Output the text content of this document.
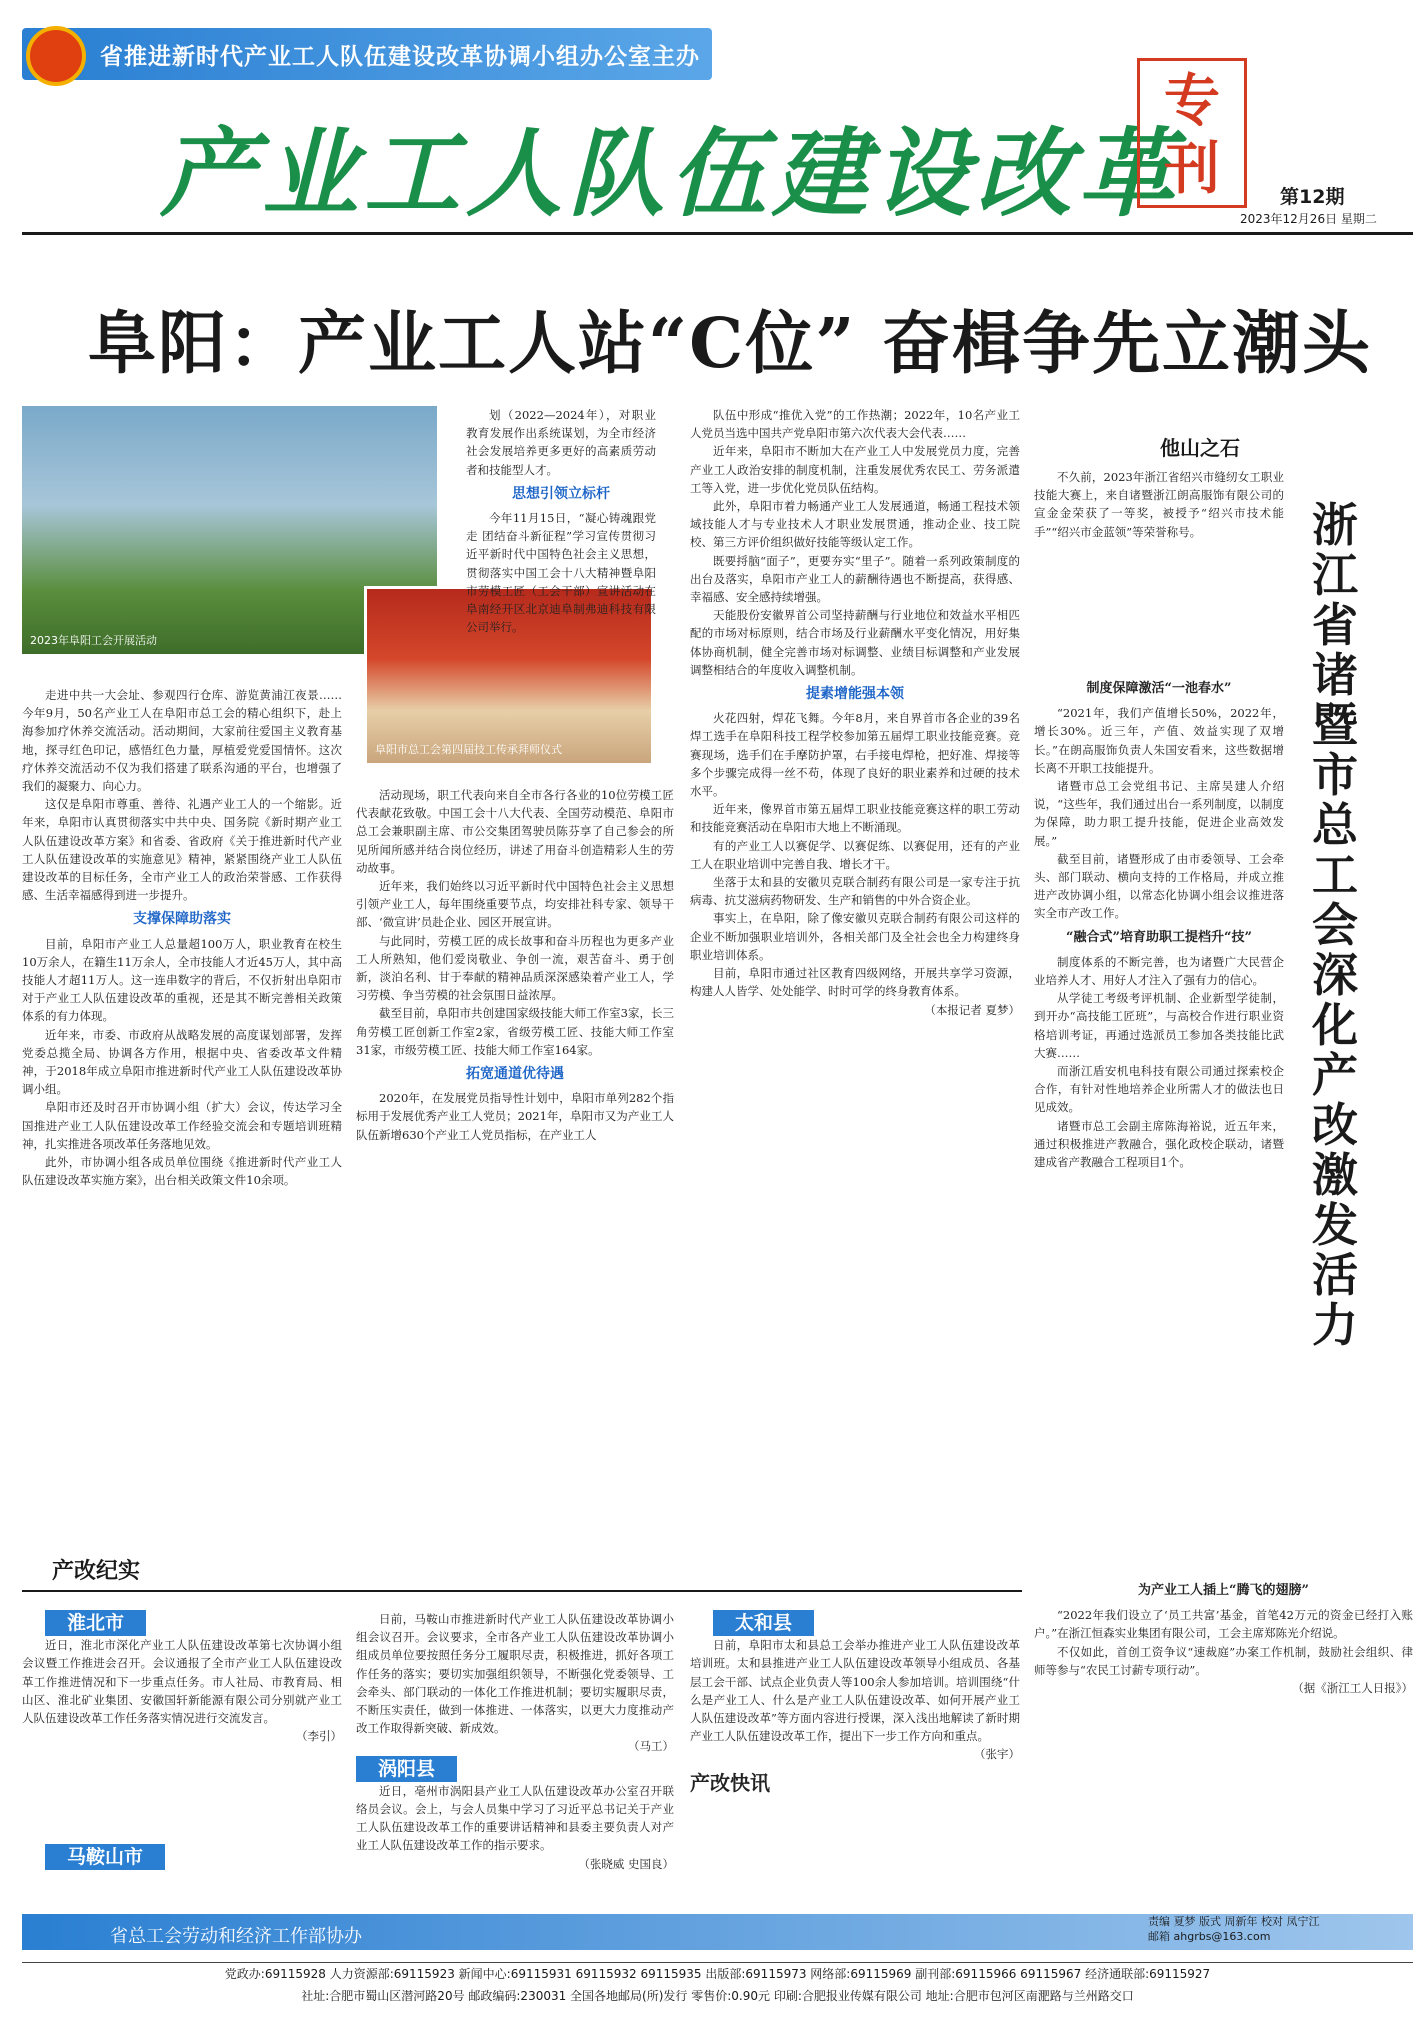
省推进新时代产业工人队伍建设改革协调小组办公室主办
产业工人队伍建设改革
专刊	第12期
2023年12月26日 星期二
阜阳：产业工人站“C位” 奋楫争先立潮头
2023年阜阳工会开展活动
阜阳市总工会第四届技工传承拜师仪式

走进中共一大会址、参观四行仓库、游览黄浦江夜景……今年9月，50名产业工人在阜阳市总工会的精心组织下，赴上海参加疗休养交流活动。活动期间，大家前往爱国主义教育基地，探寻红色印记，感悟红色力量，厚植爱党爱国情怀。这次疗休养交流活动不仅为我们搭建了联系沟通的平台，也增强了我们的凝聚力、向心力。

这仅是阜阳市尊重、善待、礼遇产业工人的一个缩影。近年来，阜阳市认真贯彻落实中共中央、国务院《新时期产业工人队伍建设改革方案》和省委、省政府《关于推进新时代产业工人队伍建设改革的实施意见》精神，紧紧围绕产业工人队伍建设改革的目标任务，全市产业工人的政治荣誉感、工作获得感、生活幸福感得到进一步提升。

支撑保障助落实

目前，阜阳市产业工人总量超100万人，职业教育在校生10万余人，在籍生11万余人，全市技能人才近45万人，其中高技能人才超11万人。这一连串数字的背后，不仅折射出阜阳市对于产业工人队伍建设改革的重视，还是其不断完善相关政策体系的有力体现。

近年来，市委、市政府从战略发展的高度谋划部署，发挥党委总揽全局、协调各方作用，根据中央、省委改革文件精神，于2018年成立阜阳市推进新时代产业工人队伍建设改革协调小组。

阜阳市还及时召开市协调小组（扩大）会议，传达学习全国推进产业工人队伍建设改革工作经验交流会和专题培训班精神，扎实推进各项改革任务落地见效。

此外，市协调小组各成员单位围绕《推进新时代产业工人队伍建设改革实施方案》，出台相关政策文件10余项。

产改纪实

划（2022—2024年），对职业教育发展作出系统谋划，为全市经济社会发展培养更多更好的高素质劳动者和技能型人才。

思想引领立标杆

今年11月15日，“凝心铸魂跟党走 团结奋斗新征程”学习宣传贯彻习近平新时代中国特色社会主义思想，贯彻落实中国工会十八大精神暨阜阳市劳模工匠（工会干部）宣讲活动在阜南经开区北京迪阜制弗迪科技有限公司举行。

活动现场，职工代表向来自全市各行各业的10位劳模工匠代表献花致敬。中国工会十八大代表、全国劳动模范、阜阳市总工会兼职副主席、市公交集团驾驶员陈芬享了自己参会的所见所闻所感并结合岗位经历，讲述了用奋斗创造精彩人生的劳动故事。

近年来，我们始终以习近平新时代中国特色社会主义思想引领产业工人，每年围绕重要节点，均安排社科专家、领导干部、‘微宣讲’员赴企业、园区开展宣讲。

与此同时，劳模工匠的成长故事和奋斗历程也为更多产业工人所熟知，他们爱岗敬业、争创一流，艰苦奋斗、勇于创新，淡泊名利、甘于奉献的精神品质深深感染着产业工人，学习劳模、争当劳模的社会氛围日益浓厚。

截至目前，阜阳市共创建国家级技能大师工作室3家，长三角劳模工匠创新工作室2家，省级劳模工匠、技能大师工作室31家，市级劳模工匠、技能大师工作室164家。

拓宽通道优待遇

2020年，在发展党员指导性计划中，阜阳市单列282个指标用于发展优秀产业工人党员；2021年，阜阳市又为产业工人队伍新增630个产业工人党员指标，在产业工人

队伍中形成“推优入党”的工作热潮；2022年，10名产业工人党员当选中国共产党阜阳市第六次代表大会代表……

近年来，阜阳市不断加大在产业工人中发展党员力度，完善产业工人政治安排的制度机制，注重发展优秀农民工、劳务派遣工等入党，进一步优化党员队伍结构。

此外，阜阳市着力畅通产业工人发展通道，畅通工程技术领域技能人才与专业技术人才职业发展贯通，推动企业、技工院校、第三方评价组织做好技能等级认定工作。

既要捋脑“面子”，更要夯实“里子”。随着一系列政策制度的出台及落实，阜阳市产业工人的薪酬待遇也不断提高，获得感、幸福感、安全感持续增强。

天能股份安徽界首公司坚持薪酬与行业地位和效益水平相匹配的市场对标原则，结合市场及行业薪酬水平变化情况，用好集体协商机制，健全完善市场对标调整、业绩目标调整和产业发展调整相结合的年度收入调整机制。

提素增能强本领

火花四射，焊花飞舞。今年8月，来自界首市各企业的39名焊工选手在阜阳科技工程学校参加第五届焊工职业技能竞赛。竞赛现场，选手们在手摩防护罩，右手接电焊枪，把好准、焊接等多个步骤完成得一丝不苟，体现了良好的职业素养和过硬的技术水平。

近年来，像界首市第五届焊工职业技能竞赛这样的职工劳动和技能竞赛活动在阜阳市大地上不断涌现。

有的产业工人以赛促学、以赛促练、以赛促用，还有的产业工人在职业培训中完善自我、增长才干。

坐落于太和县的安徽贝克联合制药有限公司是一家专注于抗病毒、抗艾滋病药物研发、生产和销售的中外合资企业。

事实上，在阜阳，除了像安徽贝克联合制药有限公司这样的企业不断加强职业培训外，各相关部门及全社会也全力构建终身职业培训体系。

目前，阜阳市通过社区教育四级网络，开展共享学习资源，构建人人皆学、处处能学、时时可学的终身教育体系。

（本报记者 夏梦）

他山之石
浙江省诸暨市总工会深化产改激发活力

不久前，2023年浙江省绍兴市缝纫女工职业技能大赛上，来自诸暨浙江朗高服饰有限公司的宣金金荣获了一等奖，被授予“绍兴市技术能手”“绍兴市金蓝领”等荣誉称号。

制度保障激活“一池春水”

“2021年，我们产值增长50%，2022年，增长30%。近三年，产值、效益实现了双增长。”在朗高服饰负责人朱国安看来，这些数据增长离不开职工技能提升。

诸暨市总工会党组书记、主席吴建人介绍说，“这些年，我们通过出台一系列制度，以制度为保障，助力职工提升技能，促进企业高效发展。”

截至目前，诸暨形成了由市委领导、工会牵头、部门联动、横向支持的工作格局，并成立推进产改协调小组，以常态化协调小组会议推进落实全市产改工作。

“融合式”培育助职工提档升“技”

制度体系的不断完善，也为诸暨广大民营企业培养人才、用好人才注入了强有力的信心。

从学徒工考级考评机制、企业新型学徒制，到开办“高技能工匠班”，与高校合作进行职业资格培训考证，再通过选派员工参加各类技能比武大赛……

而浙江盾安机电科技有限公司通过探索校企合作，有针对性地培养企业所需人才的做法也日见成效。

诸暨市总工会副主席陈海裕说，近五年来，通过积极推进产教融合，强化政校企联动，诸暨建成省产教融合工程项目1个。

为产业工人插上“腾飞的翅膀”

“2022年我们设立了‘员工共富’基金，首笔42万元的资金已经打入账户。”在浙江恒森实业集团有限公司，工会主席郑陈光介绍说。

不仅如此，首创工资争议“速裁庭”办案工作机制，鼓励社会组织、律师等参与“农民工讨薪专项行动”。

（据《浙江工人日报》）

淮北市

近日，淮北市深化产业工人队伍建设改革第七次协调小组会议暨工作推进会召开。会议通报了全市产业工人队伍建设改革工作推进情况和下一步重点任务。市人社局、市教育局、相山区、淮北矿业集团、安徽国轩新能源有限公司分别就产业工人队伍建设改革工作任务落实情况进行交流发言。

（李引）

马鞍山市

日前，马鞍山市推进新时代产业工人队伍建设改革协调小组会议召开。会议要求，全市各产业工人队伍建设改革协调小组成员单位要按照任务分工履职尽责，积极推进，抓好各项工作任务的落实；要切实加强组织领导，不断强化党委领导、工会牵头、部门联动的一体化工作推进机制；要切实履职尽责，不断压实责任，做到一体推进、一体落实，以更大力度推动产改工作取得新突破、新成效。

（马工）

涡阳县

近日，亳州市涡阳县产业工人队伍建设改革办公室召开联络员会议。会上，与会人员集中学习了习近平总书记关于产业工人队伍建设改革工作的重要讲话精神和县委主要负责人对产业工人队伍建设改革工作的指示要求。

（张晓威 史国良）

太和县

日前，阜阳市太和县总工会举办推进产业工人队伍建设改革培训班。太和县推进产业工人队伍建设改革领导小组成员、各基层工会干部、试点企业负责人等100余人参加培训。培训围绕“什么是产业工人、什么是产业工人队伍建设改革、如何开展产业工人队伍建设改革”等方面内容进行授课，深入浅出地解读了新时期产业工人队伍建设改革工作，提出下一步工作方向和重点。

（张宇）

产改快讯

省总工会劳动和经济工作部协办
责编 夏梦 版式 周新年 校对 凤宁江
邮箱 ahgrbs@163.com
党政办:69115928 人力资源部:69115923 新闻中心:69115931 69115932 69115935 出版部:69115973 网络部:69115969 副刊部:69115966 69115967 经济通联部:69115927
社址:合肥市蜀山区潜河路20号 邮政编码:230031 全国各地邮局(所)发行 零售价:0.90元 印刷:合肥报业传媒有限公司 地址:合肥市包河区南淝路与兰州路交口
